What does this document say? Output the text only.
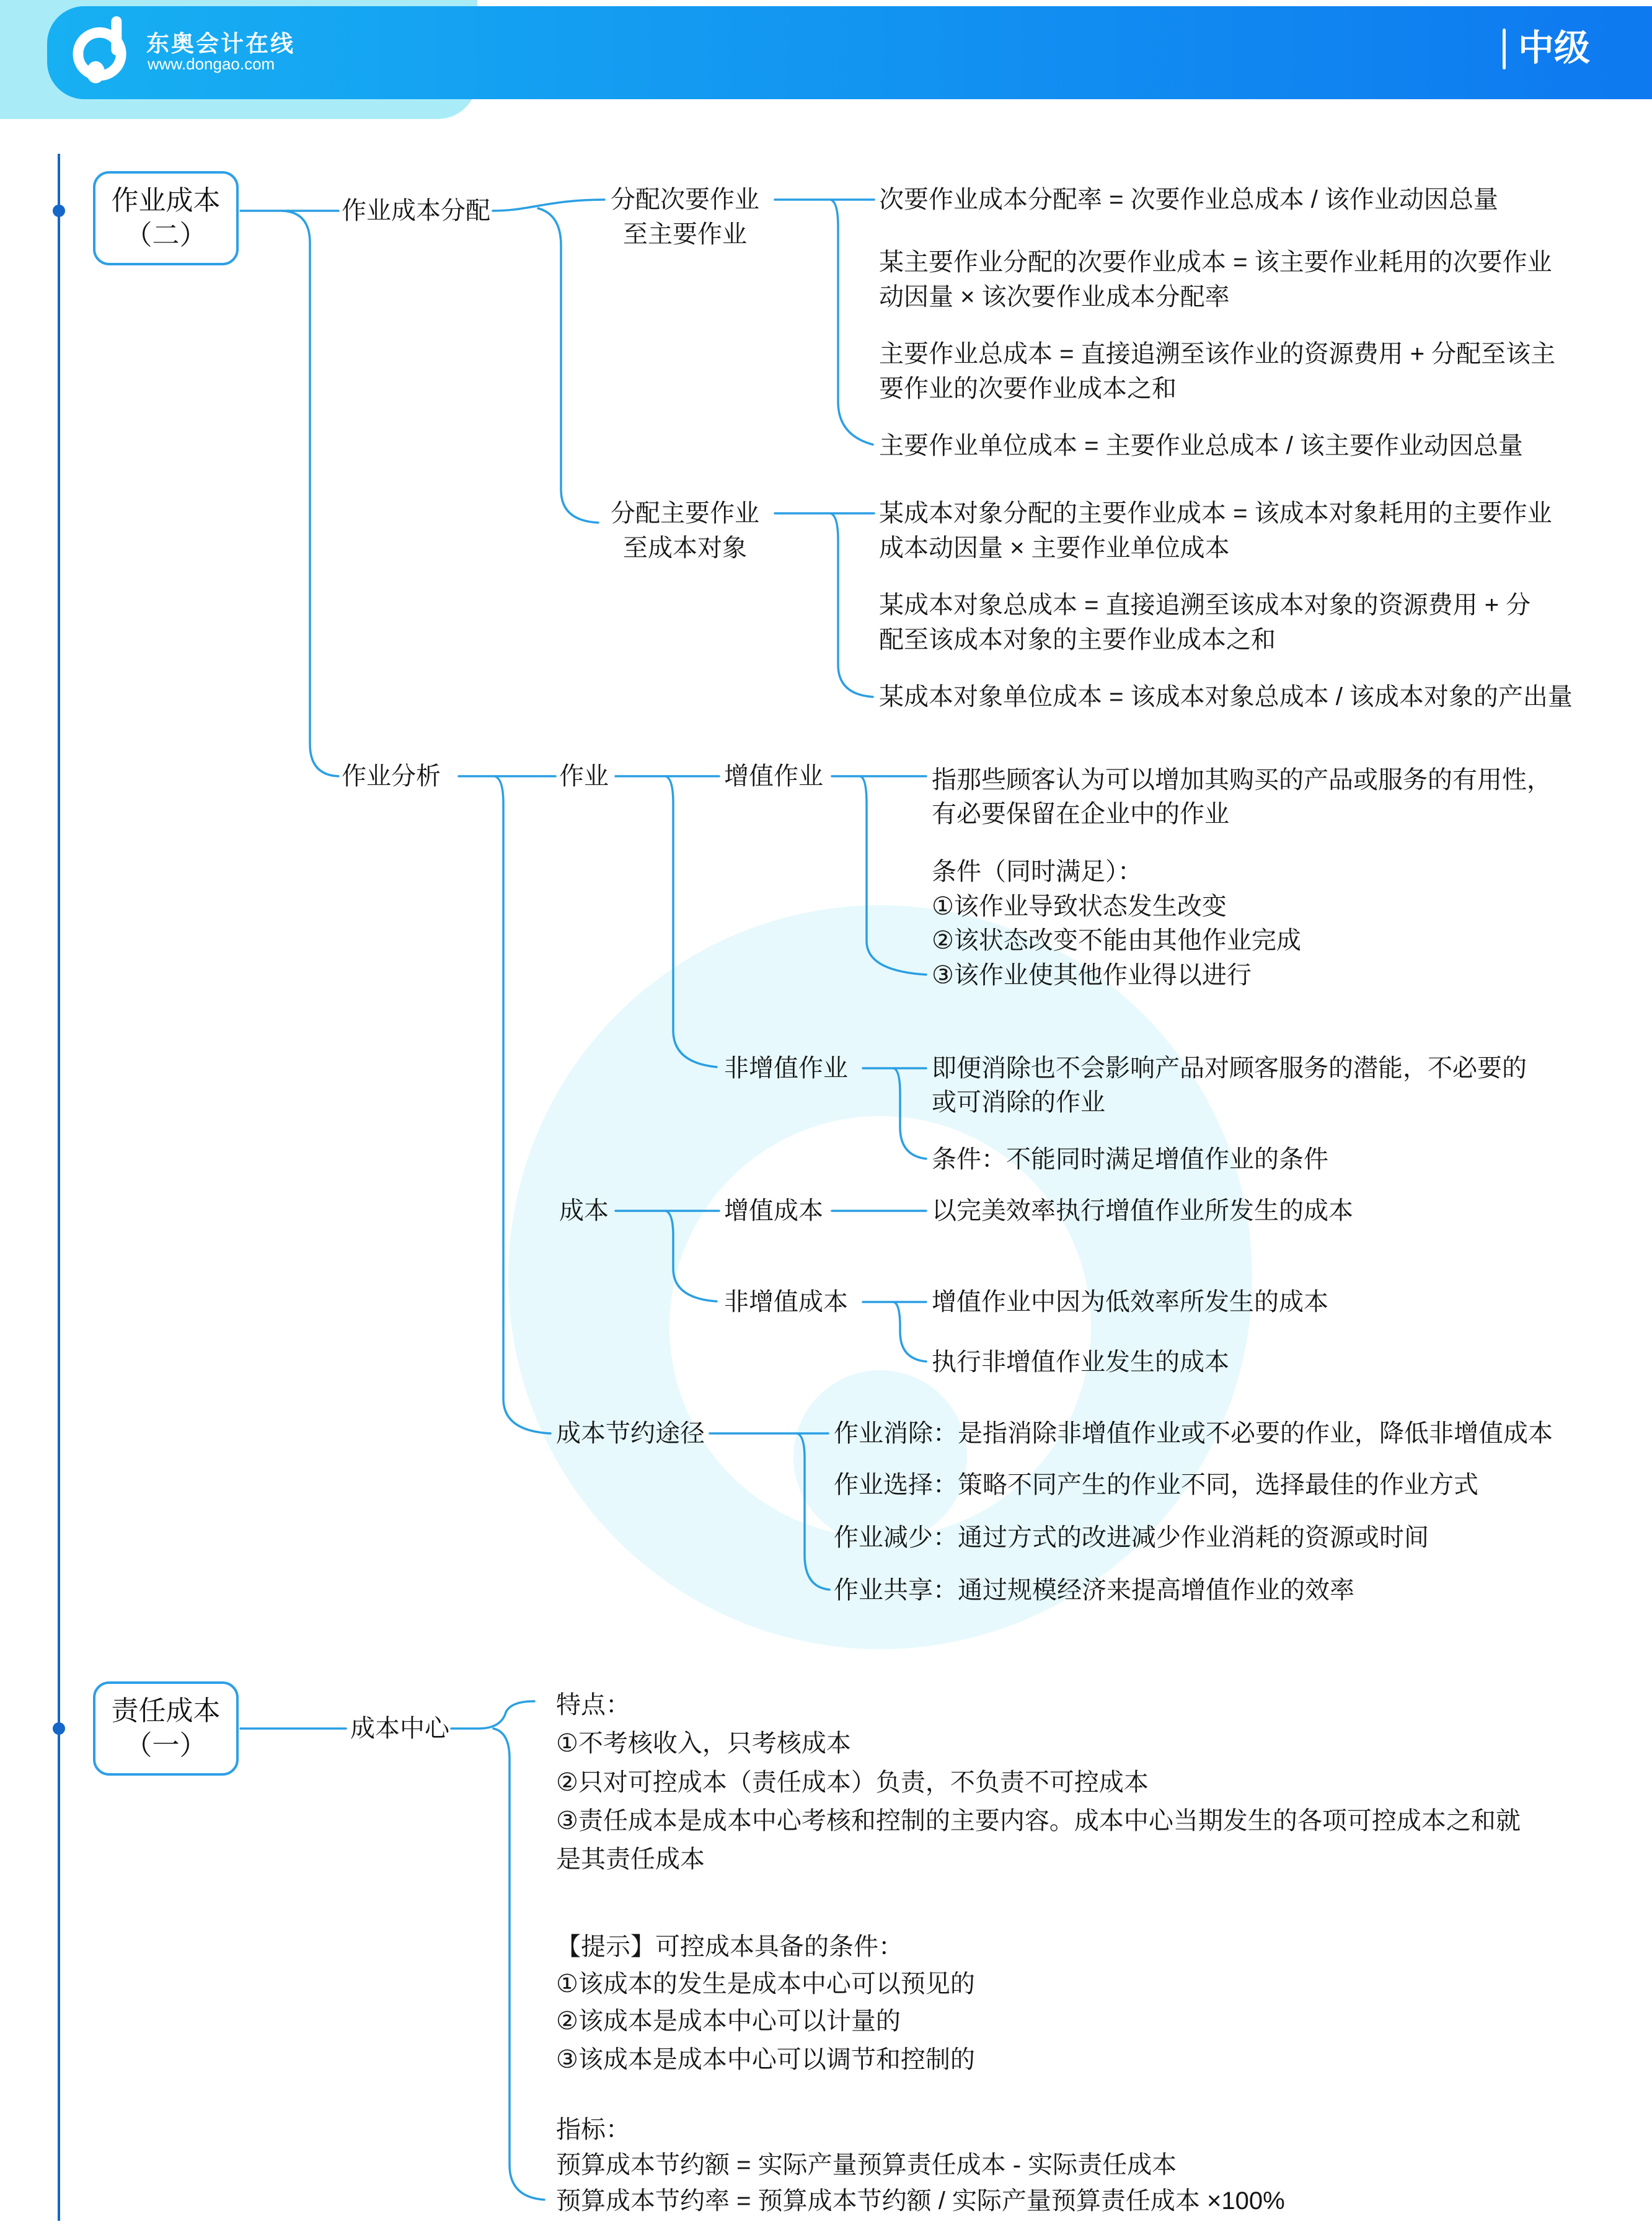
东奥会计在线
www.dongao.com	中级
作业成本
（二）
责任成本
（一）
作业成本分配	分配次要作业
至主要作业
分配主要作业
至成本对象
作业分析	作业	增值作业
非增值作业
成本	增值成本
非增值成本
成本节约途径
成本中心
次要作业成本分配率 = 次要作业总成本 / 该作业动因总量
某主要作业分配的次要作业成本 = 该主要作业耗用的次要作业
动因量 × 该次要作业成本分配率
主要作业总成本 = 直接追溯至该作业的资源费用 + 分配至该主
要作业的次要作业成本之和
主要作业单位成本 = 主要作业总成本 / 该主要作业动因总量
某成本对象分配的主要作业成本 = 该成本对象耗用的主要作业
成本动因量 × 主要作业单位成本
某成本对象总成本 = 直接追溯至该成本对象的资源费用 + 分
配至该成本对象的主要作业成本之和
某成本对象单位成本 = 该成本对象总成本 / 该成本对象的产出量
指那些顾客认为可以增加其购买的产品或服务的有用性，
有必要保留在企业中的作业
条件（同时满足）：
①该作业导致状态发生改变
②该状态改变不能由其他作业完成
③该作业使其他作业得以进行
即便消除也不会影响产品对顾客服务的潜能，不必要的
或可消除的作业
条件：不能同时满足增值作业的条件
以完美效率执行增值作业所发生的成本
增值作业中因为低效率所发生的成本
执行非增值作业发生的成本
作业消除：是指消除非增值作业或不必要的作业，降低非增值成本
作业选择：策略不同产生的作业不同，选择最佳的作业方式
作业减少：通过方式的改进减少作业消耗的资源或时间
作业共享：通过规模经济来提高增值作业的效率
特点：
①不考核收入，只考核成本
②只对可控成本（责任成本）负责，不负责不可控成本
③责任成本是成本中心考核和控制的主要内容。成本中心当期发生的各项可控成本之和就
是其责任成本
【提示】可控成本具备的条件：
①该成本的发生是成本中心可以预见的
②该成本是成本中心可以计量的
③该成本是成本中心可以调节和控制的
指标：
预算成本节约额 = 实际产量预算责任成本 - 实际责任成本
预算成本节约率 = 预算成本节约额 / 实际产量预算责任成本 ×100%
